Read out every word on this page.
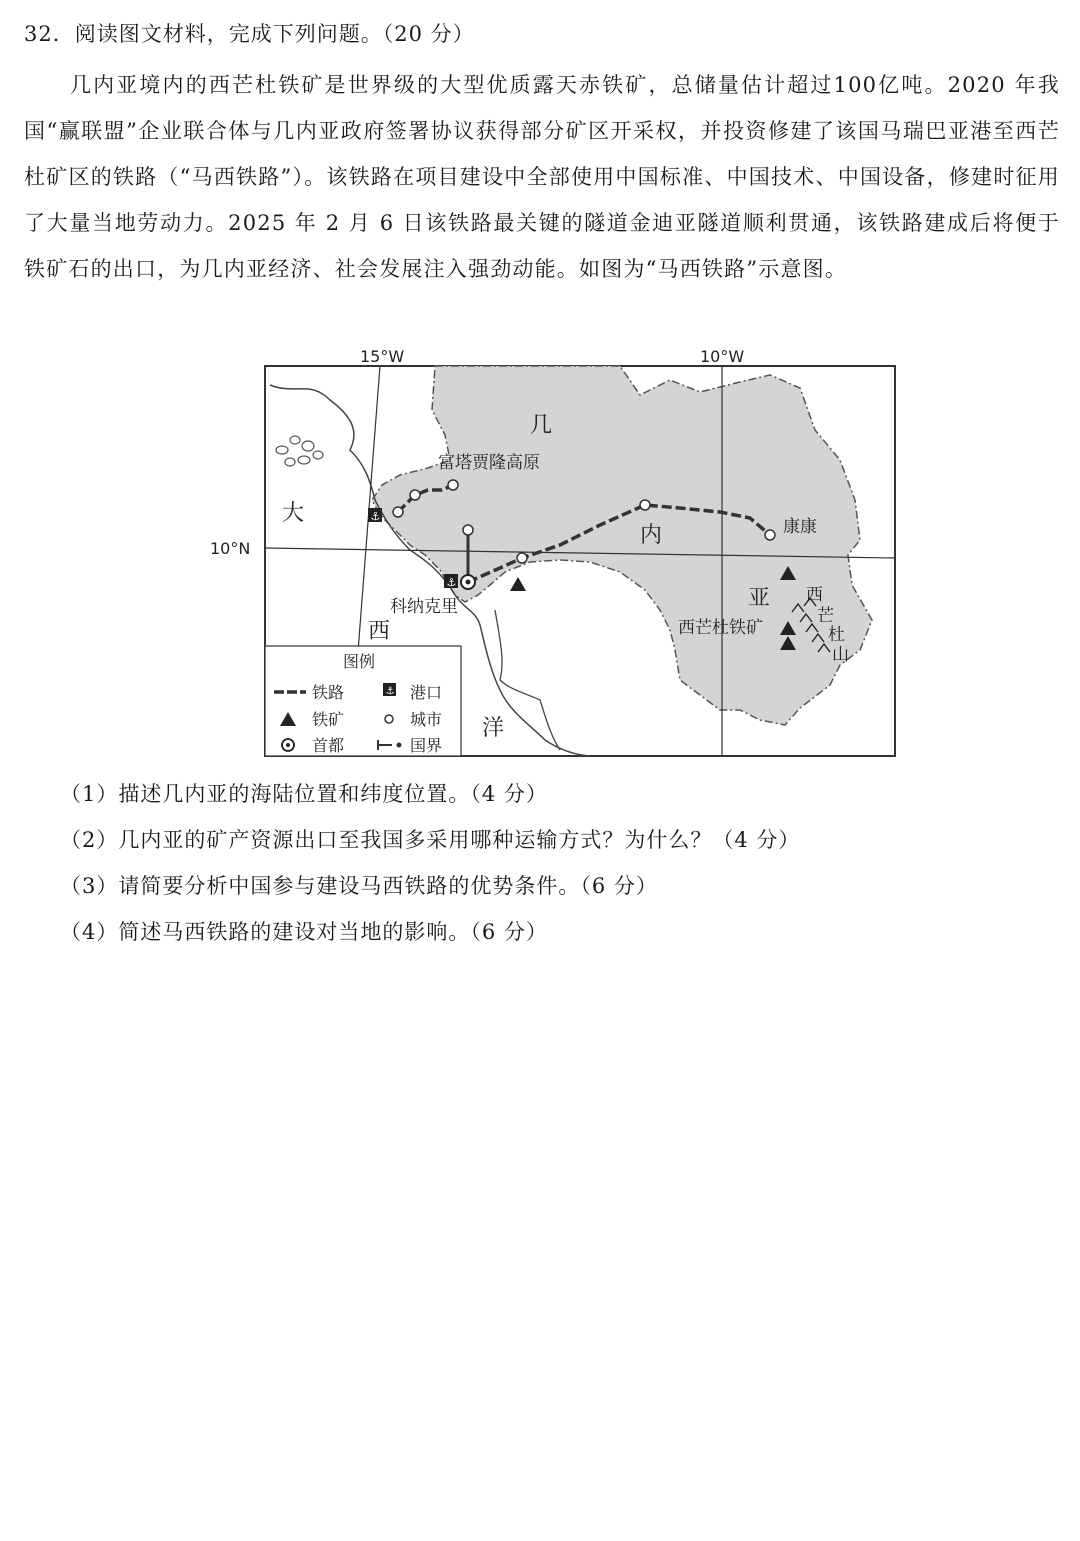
32．阅读图文材料，完成下列问题。（20 分）

几内亚境内的西芒杜铁矿是世界级的大型优质露天赤铁矿，总储量估计超过100亿吨。2020 年我国“赢联盟”企业联合体与几内亚政府签署协议获得部分矿区开采权，并投资修建了该国马瑞巴亚港至西芒杜矿区的铁路（“马西铁路”）。该铁路在项目建设中全部使用中国标准、中国技术、中国设备，修建时征用了大量当地劳动力。2025 年 2 月 6 日该铁路最关键的隧道金迪亚隧道顺利贯通，该铁路建成后将便于铁矿石的出口，为几内亚经济、社会发展注入强劲动能。如图为“马西铁路”示意图。

15°W	10°W
10°N
几
内
亚
大
西
洋
富塔贾隆高原
康康
科纳克里
⚓
⚓
西芒杜铁矿
西
芒
杜
山
图例
铁路	⚓ 港口
铁矿	城市
首都	国界
（1）描述几内亚的海陆位置和纬度位置。（4 分）
（2）几内亚的矿产资源出口至我国多采用哪种运输方式？为什么？（4 分）
（3）请简要分析中国参与建设马西铁路的优势条件。（6 分）
（4）简述马西铁路的建设对当地的影响。（6 分）
